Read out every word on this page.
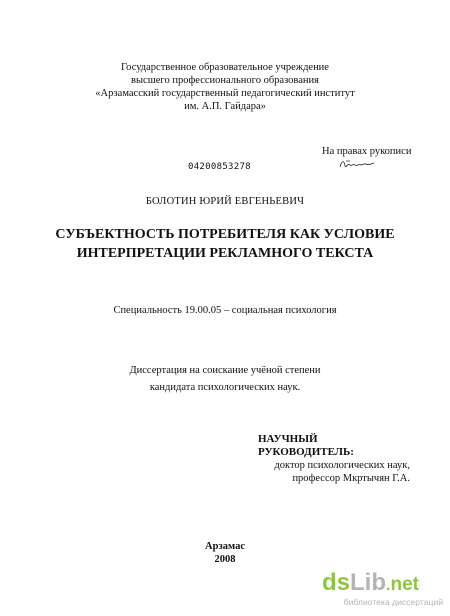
Государственное образовательное учреждение
высшего профессионального образования
«Арзамасский государственный педагогический институт
им. А.П. Гайдара»
На правах рукописи
04200853278
БОЛОТИН ЮРИЙ ЕВГЕНЬЕВИЧ
СУБЪЕКТНОСТЬ ПОТРЕБИТЕЛЯ КАК УСЛОВИЕ
ИНТЕРПРЕТАЦИИ РЕКЛАМНОГО ТЕКСТА
Специальность 19.00.05 – социальная психология
Диссертация на соискание учёной степени
кандидата психологических наук.
НАУЧНЫЙ РУКОВОДИТЕЛЬ:
доктор психологических наук,
профессор Мкртычян Г.А.
Арзамас
2008
dsLib.net
библиотека диссертаций
